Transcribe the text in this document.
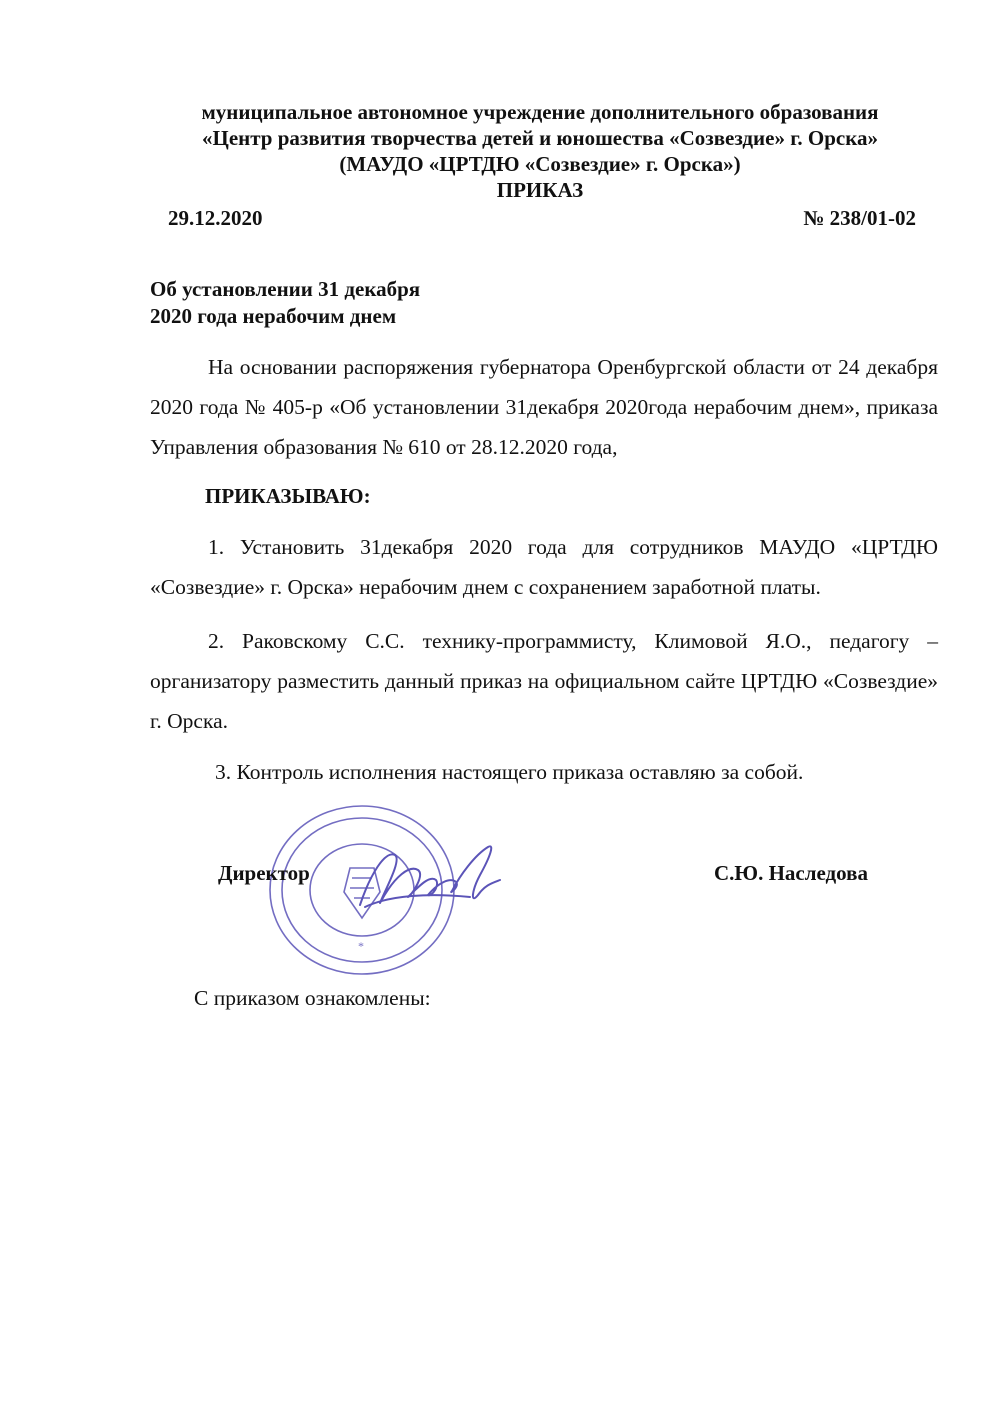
муниципальное автономное учреждение дополнительного образования
«Центр развития творчества детей и юношества «Созвездие» г. Орска»
(МАУДО «ЦРТДЮ «Созвездие» г. Орска»)
ПРИКАЗ
29.12.2020	№ 238/01-02
Об установлении 31 декабря
2020 года нерабочим днем
На основании распоряжения губернатора Оренбургской области от 24 декабря 2020 года № 405-р «Об установлении 31декабря 2020года нерабочим днем», приказа Управления образования № 610 от 28.12.2020 года,
ПРИКАЗЫВАЮ:
1. Установить 31декабря 2020 года для сотрудников МАУДО «ЦРТДЮ «Созвездие» г. Орска» нерабочим днем с сохранением заработной платы.
2. Раковскому С.С. технику-программисту, Климовой Я.О., педагогу – организатору разместить данный приказ на официальном сайте ЦРТДЮ «Созвездие» г. Орска.
3. Контроль исполнения настоящего приказа оставляю за собой.
*
Директор	С.Ю. Наследова
С приказом ознакомлены:
